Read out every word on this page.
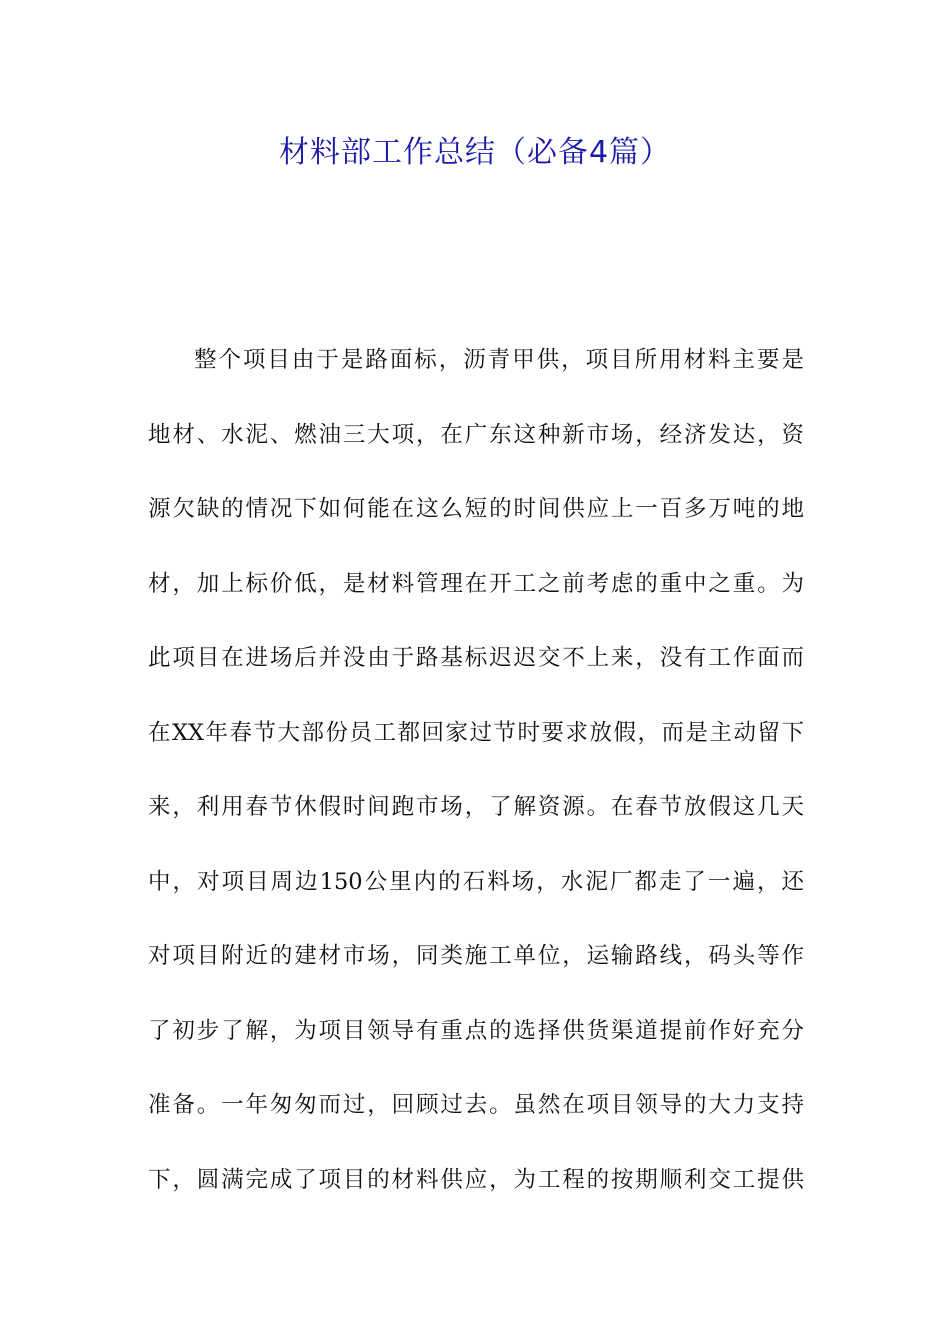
材料部工作总结（必备4篇）
整个项目由于是路面标，沥青甲供，项目所用材料主要是
地材、水泥、燃油三大项，在广东这种新市场，经济发达，资
源欠缺的情况下如何能在这么短的时间供应上一百多万吨的地
材，加上标价低，是材料管理在开工之前考虑的重中之重。为
此项目在进场后并没由于路基标迟迟交不上来，没有工作面而
在XX年春节大部份员工都回家过节时要求放假，而是主动留下
来，利用春节休假时间跑市场，了解资源。在春节放假这几天
中，对项目周边150公里内的石料场，水泥厂都走了一遍，还
对项目附近的建材市场，同类施工单位，运输路线，码头等作
了初步了解，为项目领导有重点的选择供货渠道提前作好充分
准备。一年匆匆而过，回顾过去。虽然在项目领导的大力支持
下，圆满完成了项目的材料供应，为工程的按期顺利交工提供
